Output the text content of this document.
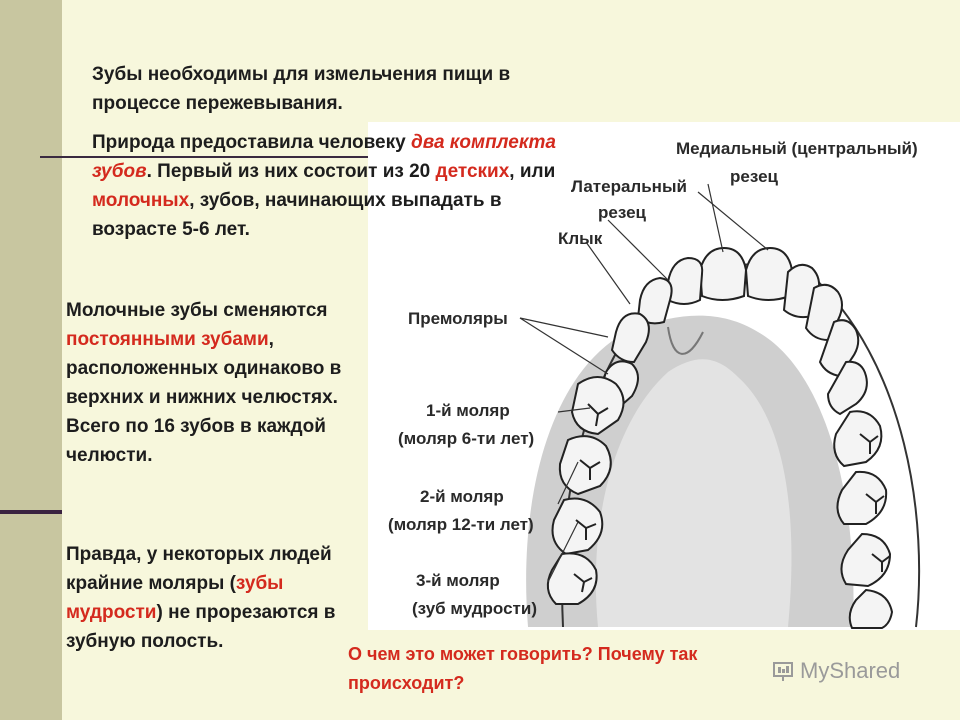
Медиальный (центральный)
резец
Латеральный
резец
Клык
Премоляры
1-й моляр
(моляр 6-ти лет)
2-й моляр
(моляр 12-ти лет)
3-й моляр
(зуб мудрости)
Зубы необходимы для измельчения пищи в процессе пережевывания.
Природа предоставила человеку два комплекта зубов. Первый из них состоит из 20 детских, или молочных, зубов, начинающих выпадать в возрасте 5-6 лет.
Молочные зубы сменяются постоянными зубами, расположенных одинаково в верхних и нижних челюстях. Всего по 16 зубов в каждой челюсти.
Правда, у некоторых людей крайние моляры (зубы мудрости) не прорезаются в зубную полость.
О чем это может говорить? Почему так происходит?	MyShared
